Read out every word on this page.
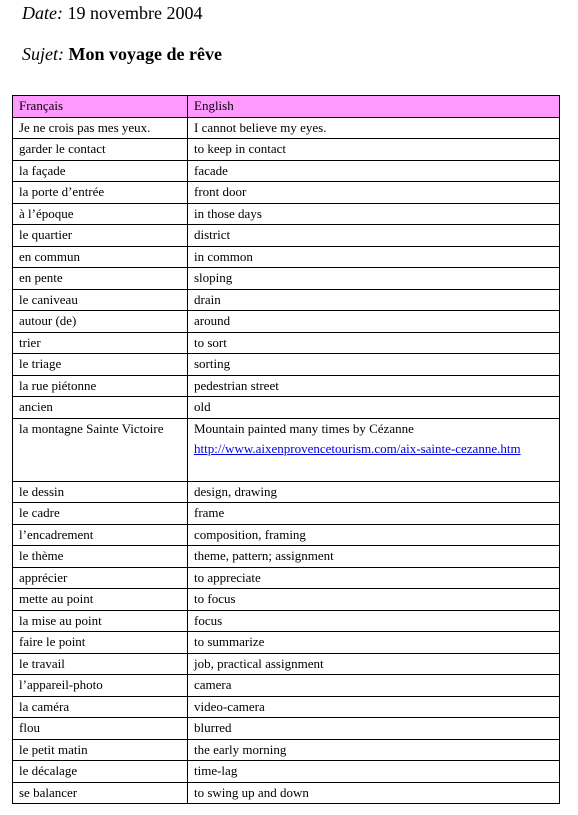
Date: 19 novembre 2004
Sujet: Mon voyage de rêve
Français	English
Je ne crois pas mes yeux.	I cannot believe my eyes.
garder le contact	to keep in contact
la façade	facade
la porte d’entrée	front door
à l’époque	in those days
le quartier	district
en commun	in common
en pente	sloping
le caniveau	drain
autour (de)	around
trier	to sort
le triage	sorting
la rue piétonne	pedestrian street
ancien	old
la montagne Sainte Victoire	Mountain painted many times by Cézanne
http://www.aixenprovencetourism.com/aix-sainte-cezanne.htm

le dessin	design, drawing
le cadre	frame
l’encadrement	composition, framing
le thème	theme, pattern; assignment
apprécier	to appreciate
mette au point	to focus
la mise au point	focus
faire le point	to summarize
le travail	job, practical assignment
l’appareil-photo	camera
la caméra	video-camera
flou	blurred
le petit matin	the early morning
le décalage	time-lag
se balancer	to swing up and down
